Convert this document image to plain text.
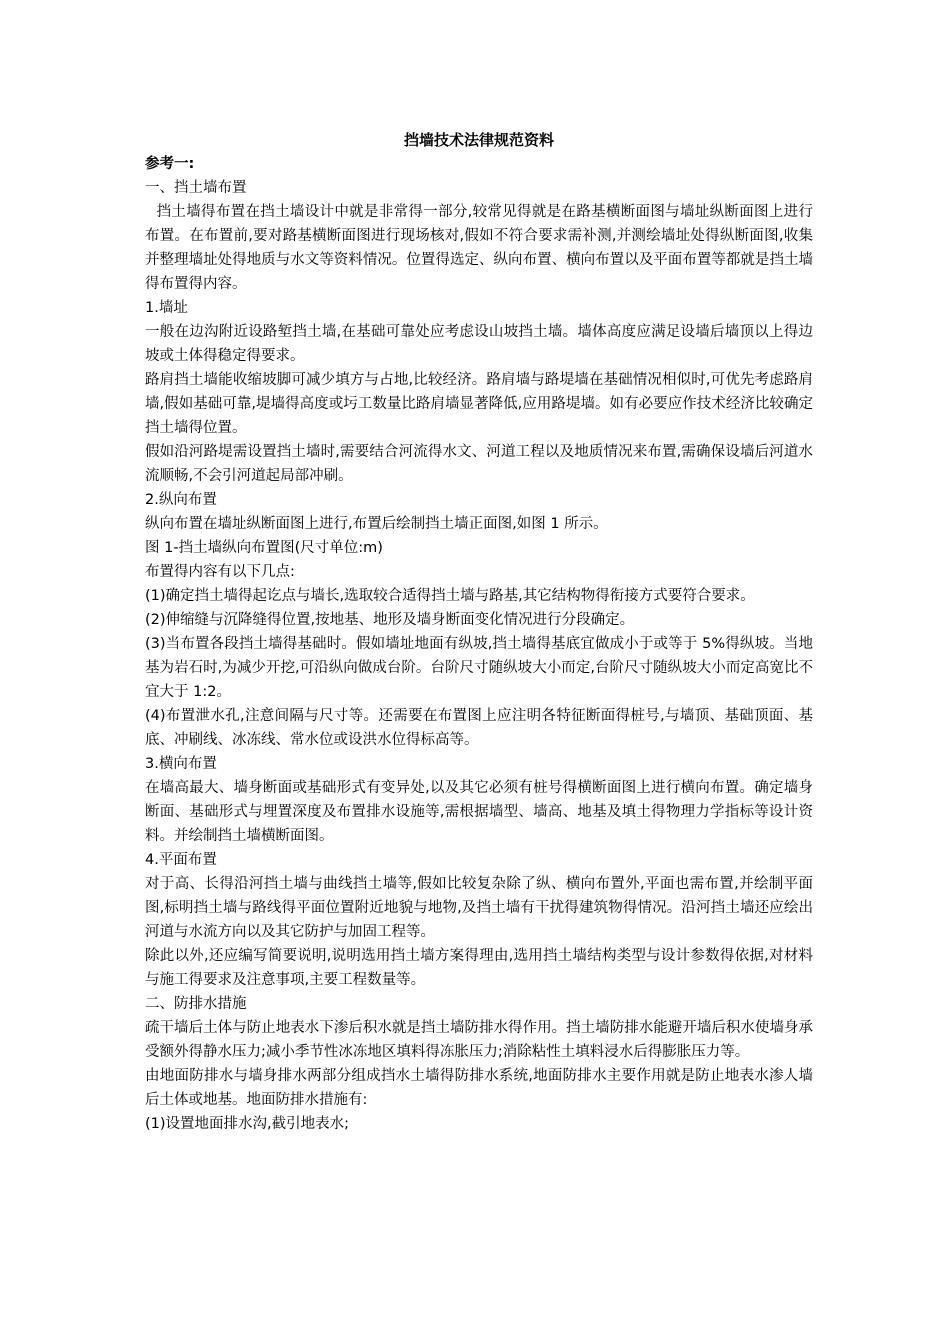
挡墙技术法律规范资料

参考一:

一、挡土墙布置

挡土墙得布置在挡土墙设计中就是非常得一部分,较常见得就是在路基横断面图与墙址纵断面图上进行布置。在布置前,要对路基横断面图进行现场核对,假如不符合要求需补测,并测绘墙址处得纵断面图,收集并整理墙址处得地质与水文等资料情况。位置得选定、纵向布置、横向布置以及平面布置等都就是挡土墙得布置得内容。

1.墙址

一般在边沟附近设路堑挡土墙,在基础可靠处应考虑设山坡挡土墙。墙体高度应满足设墙后墙顶以上得边坡或土体得稳定得要求。

路肩挡土墙能收缩坡脚可减少填方与占地,比较经济。路肩墙与路堤墙在基础情况相似时,可优先考虑路肩墙,假如基础可靠,堤墙得高度或圬工数量比路肩墙显著降低,应用路堤墙。如有必要应作技术经济比较确定挡土墙得位置。

假如沿河路堤需设置挡土墙时,需要结合河流得水文、河道工程以及地质情况来布置,需确保设墙后河道水流顺畅,不会引河道起局部冲刷。

2.纵向布置

纵向布置在墙址纵断面图上进行,布置后绘制挡土墙正面图,如图 1 所示。

图 1-挡土墙纵向布置图(尺寸单位:m)

布置得内容有以下几点:

(1)确定挡土墙得起讫点与墙长,选取较合适得挡土墙与路基,其它结构物得衔接方式要符合要求。

(2)伸缩缝与沉降缝得位置,按地基、地形及墙身断面变化情况进行分段确定。

(3)当布置各段挡土墙得基础时。假如墙址地面有纵坡,挡土墙得基底宜做成小于或等于 5%得纵坡。当地基为岩石时,为减少开挖,可沿纵向做成台阶。台阶尺寸随纵坡大小而定,台阶尺寸随纵坡大小而定高宽比不宜大于 1:2。

(4)布置泄水孔,注意间隔与尺寸等。还需要在布置图上应注明各特征断面得桩号,与墙顶、基础顶面、基底、冲刷线、冰冻线、常水位或设洪水位得标高等。

3.横向布置

在墙高最大、墙身断面或基础形式有变异处,以及其它必须有桩号得横断面图上进行横向布置。确定墙身断面、基础形式与埋置深度及布置排水设施等,需根据墙型、墙高、地基及填土得物理力学指标等设计资料。并绘制挡土墙横断面图。

4.平面布置

对于高、长得沿河挡土墙与曲线挡土墙等,假如比较复杂除了纵、横向布置外,平面也需布置,并绘制平面图,标明挡土墙与路线得平面位置附近地貌与地物,及挡土墙有干扰得建筑物得情况。沿河挡土墙还应绘出河道与水流方向以及其它防护与加固工程等。

除此以外,还应编写简要说明,说明选用挡土墙方案得理由,选用挡土墙结构类型与设计参数得依据,对材料与施工得要求及注意事项,主要工程数量等。

二、防排水措施

疏干墙后土体与防止地表水下渗后积水就是挡土墙防排水得作用。挡土墙防排水能避开墙后积水使墙身承受额外得静水压力;减小季节性冰冻地区填料得冻胀压力;消除粘性土填料浸水后得膨胀压力等。

由地面防排水与墙身排水两部分组成挡水土墙得防排水系统,地面防排水主要作用就是防止地表水渗人墙后土体或地基。地面防排水措施有:

(1)设置地面排水沟,截引地表水;
